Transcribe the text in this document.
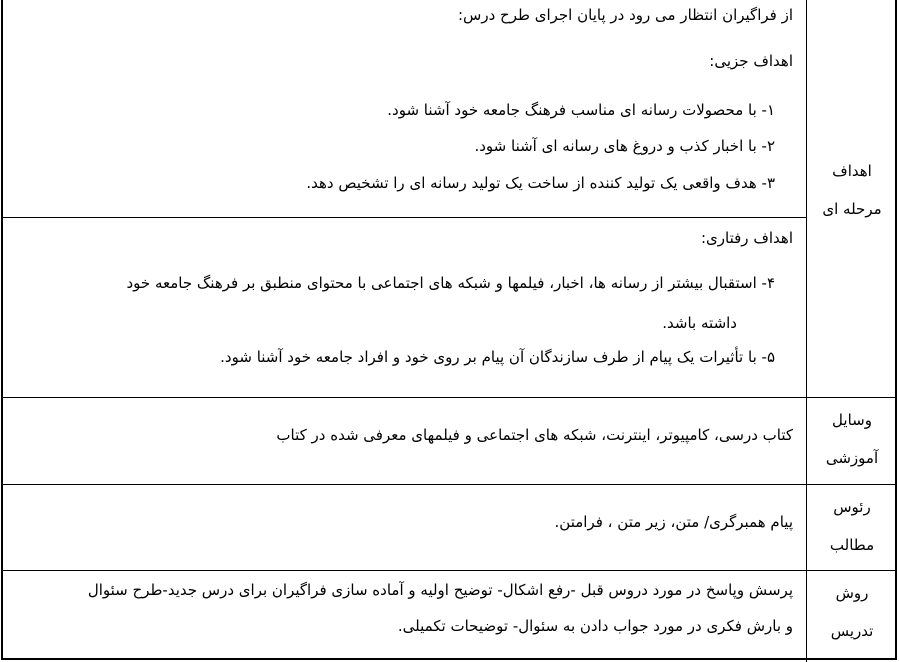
اهداف
مرحله ای
از فراگیران انتظار می رود در پایان اجرای طرح درس:
اهداف جزیی:
۱- با محصولات رسانه ای مناسب فرهنگ جامعه خود آشنا شود.
۲- با اخبار کذب و دروغ های رسانه ای آشنا شود.
۳- هدف واقعی یک تولید کننده از ساخت یک تولید رسانه ای را تشخیص دهد.
اهداف رفتاری:
۴- استقبال بیشتر از رسانه ها، اخبار، فیلمها و شبکه های اجتماعی با محتوای منطبق بر فرهنگ جامعه خود
داشته باشد.
۵- با تأثیرات یک پیام از طرف سازندگان آن پیام بر روی خود و افراد جامعه خود آشنا شود.
وسایل
آموزشی
کتاب درسی، کامپیوتر، اینترنت، شبکه های اجتماعی و فیلمهای معرفی شده در کتاب
رئوس
مطالب
پیام همبرگری/ متن، زیر متن ، فرامتن.
روش
تدریس
پرسش وپاسخ در مورد دروس قبل -رفع اشکال- توضیح اولیه و آماده سازی فراگیران برای درس جدید-طرح سئوال
و بارش فکری در مورد جواب دادن به سئوال- توضیحات تکمیلی.
